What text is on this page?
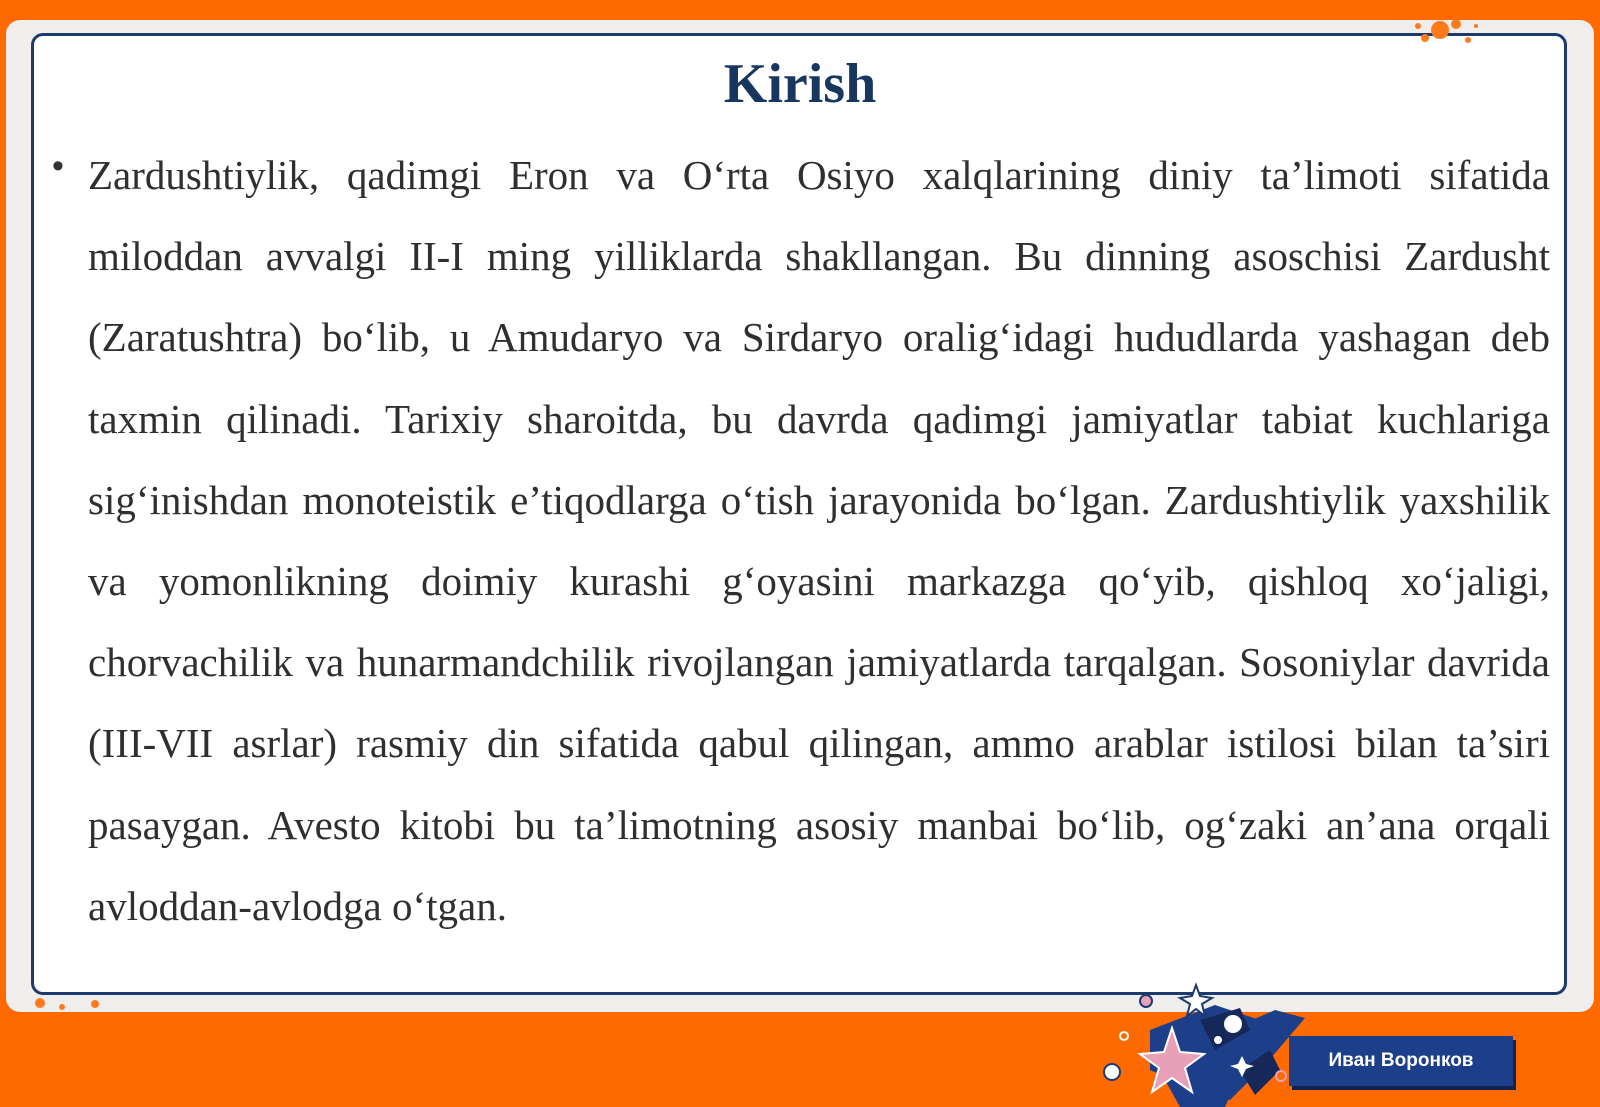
Kirish
• Zardushtiylik, qadimgi Eron va O‘rta Osiyo xalqlarining diniy ta’limoti sifatida miloddan avvalgi II-I ming yilliklarda shakllangan. Bu dinning asoschisi Zardusht (Zaratushtra) bo‘lib, u Amudaryo va Sirdaryo oralig‘idagi hududlarda yashagan deb taxmin qilinadi. Tarixiy sharoitda, bu davrda qadimgi jamiyatlar tabiat kuchlariga sig‘inishdan monoteistik e’tiqodlarga o‘tish jarayonida bo‘lgan. Zardushtiylik yaxshilik va yomonlikning doimiy kurashi g‘oyasini markazga qo‘yib, qishloq xo‘jaligi, chorvachilik va hunarmandchilik rivojlangan jamiyatlarda tarqalgan. Sosoniylar davrida (III-VII asrlar) rasmiy din sifatida qabul qilingan, ammo arablar istilosi bilan ta’siri pasaygan. Avesto kitobi bu ta’limotning asosiy manbai bo‘lib, og‘zaki an’ana orqali avloddan-avlodga o‘tgan.

Иван Воронков
